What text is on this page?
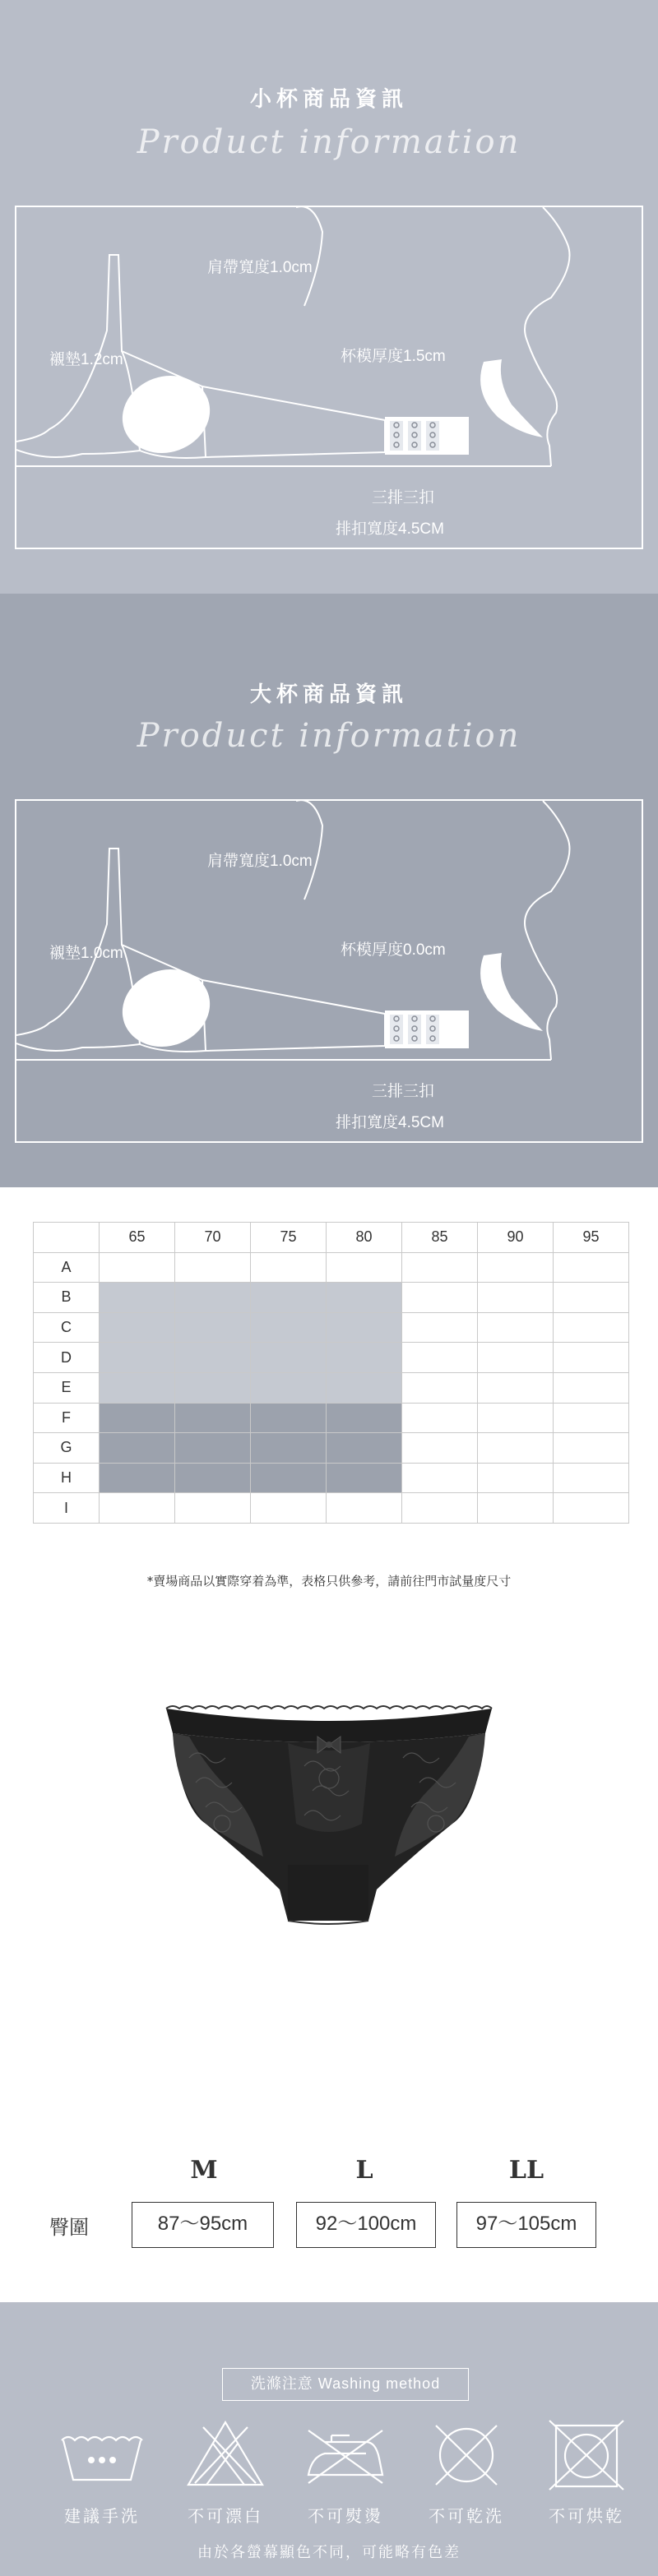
小杯商品資訊
Product information
肩帶寬度1.0cm
襯墊1.2cm	杯模厚度1.5cm
三排三扣
排扣寬度4.5CM
大杯商品資訊
Product information
肩帶寬度1.0cm
襯墊1.0cm	杯模厚度0.0cm
三排三扣
排扣寬度4.5CM
	65	70	75	80	85	90	95
A							
B							
C							
D							
E							
F							
G							
H							
I							
*賣場商品以實際穿着為準，表格只供參考，請前往門市試量度尺寸
M	L	LL
臀圍	87～95cm	92～100cm	97～105cm
洗滌注意 Washing method
建議手洗	不可漂白	不可熨燙	不可乾洗	不可烘乾
由於各螢幕顯色不同，可能略有色差
